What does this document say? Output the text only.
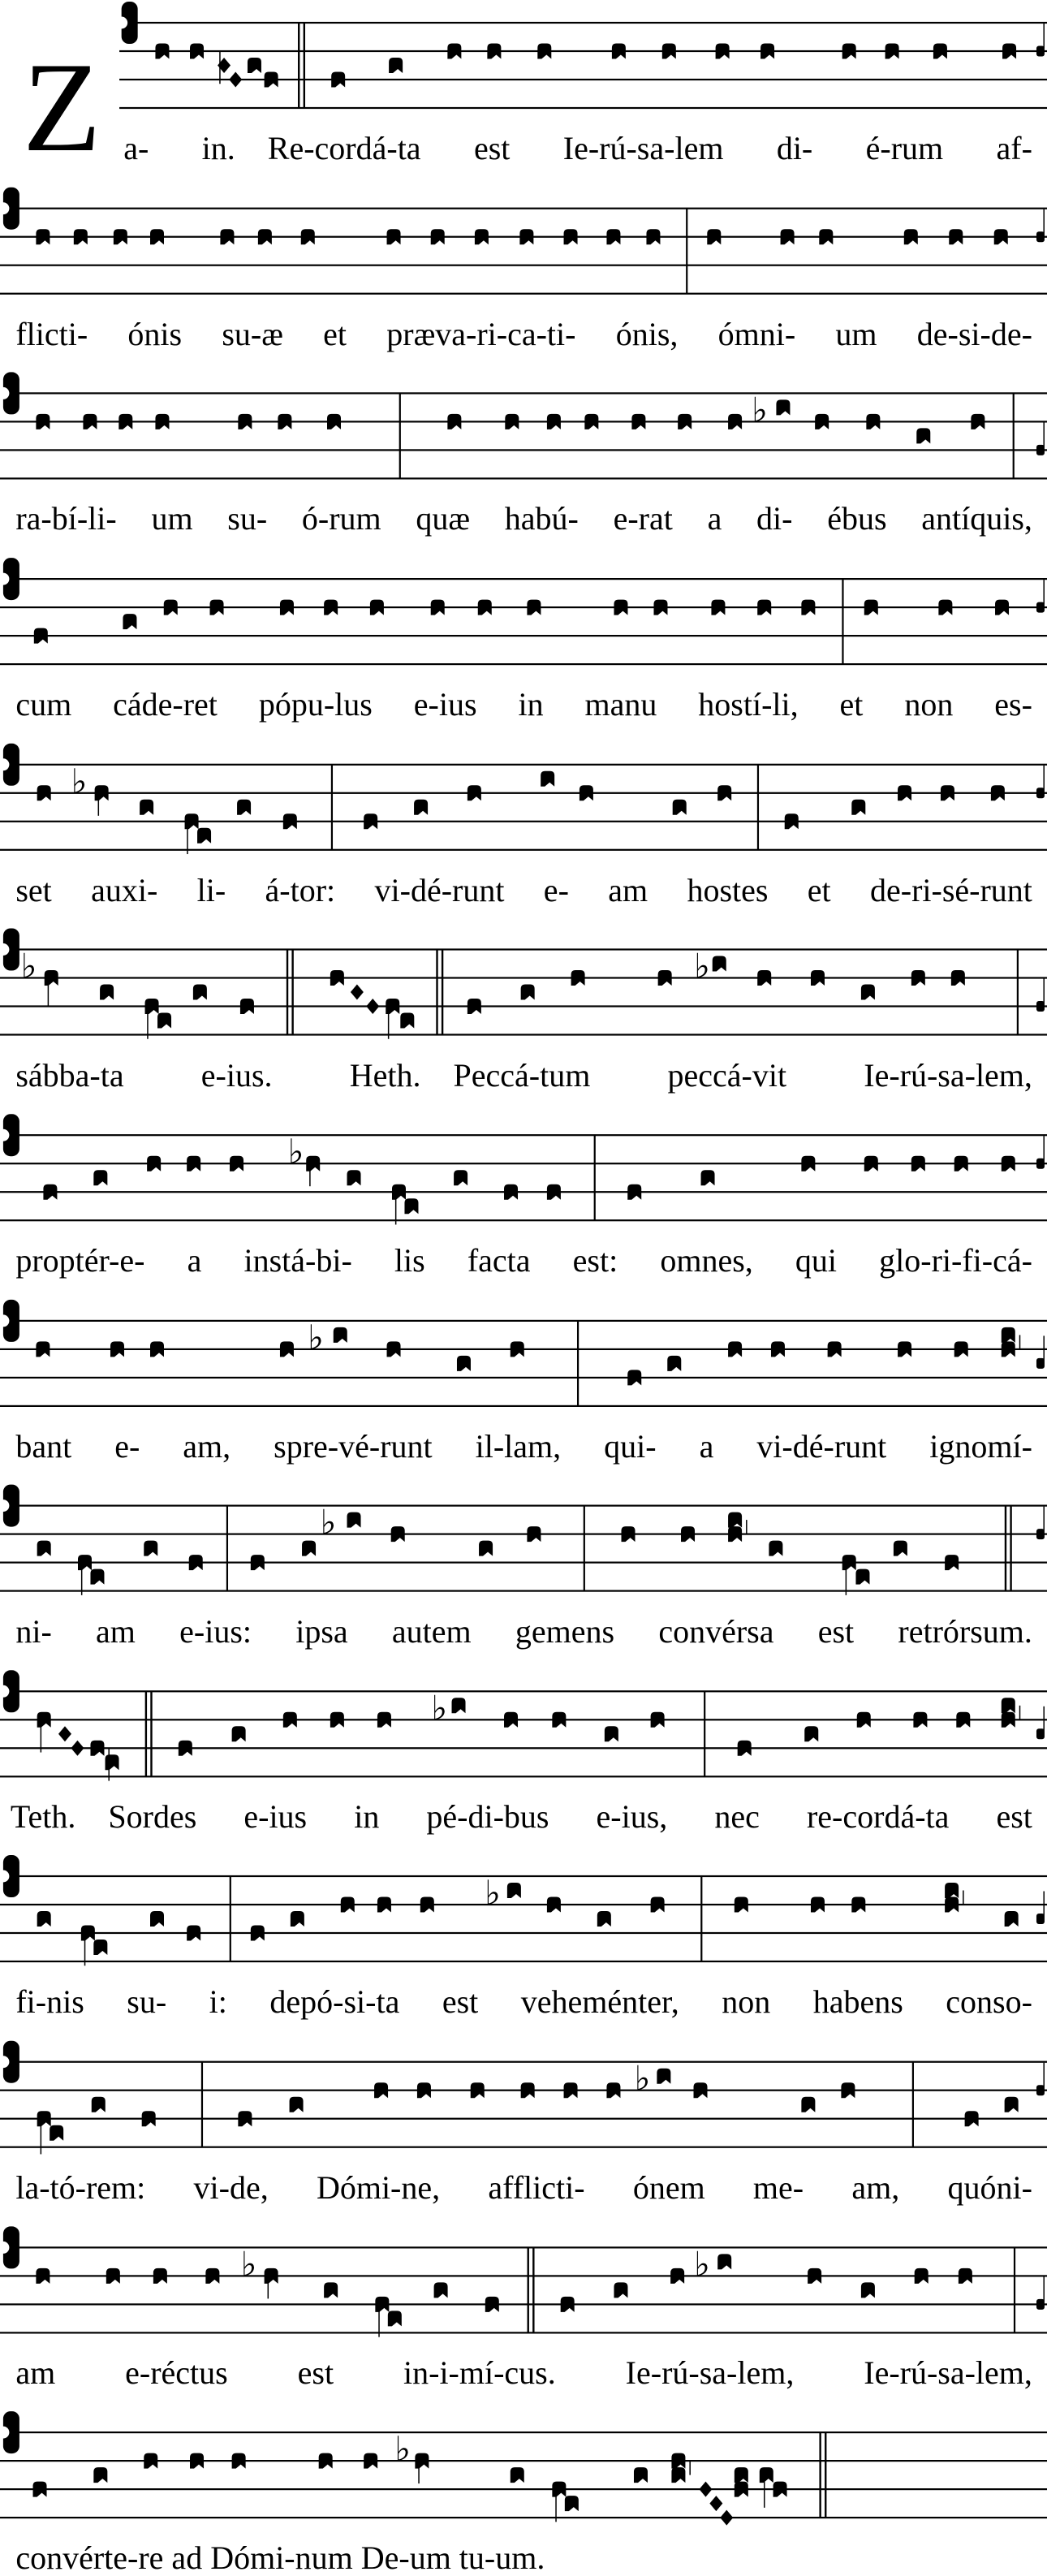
Z a- in. Re-cordá-ta est Ie-rú-sa-lem di- é-rum af-
flicti- ónis su-æ et præva-ri-ca-ti- ónis, ómni- um de-si-de-
♭
ra-bí-li- um su- ó-rum quæ habú- e-rat a di- ébus antíquis,
cum cáde-ret pópu-lus e-ius in manu hostí-li, et non es-
♭
set auxi- li- á-tor: vi-dé-runt e- am hostes et de-ri-sé-runt
♭	♭
sábba-ta e-ius. Heth. Peccá-tum peccá-vit Ie-rú-sa-lem,
♭
proptér-e- a instá-bi- lis facta est: omnes, qui glo-ri-fi-cá-
♭
bant e- am, spre-vé-runt il-lam, qui- a vi-dé-runt ignomí-
♭
ni- am e-ius: ipsa autem gemens convérsa est retrórsum.
♭
Teth. Sordes e-ius in pé-di-bus e-ius, nec re-cordá-ta est
♭
fi-nis su- i: depó-si-ta est veheménter, non habens conso-
♭
la-tó-rem: vi-de, Dómi-ne, afflicti- ónem me- am, quóni-
♭	♭
am e-réctus est in-i-mí-cus. Ie-rú-sa-lem, Ie-rú-sa-lem,
♭
convérte-re ad Dómi-num De-um tu-um.
